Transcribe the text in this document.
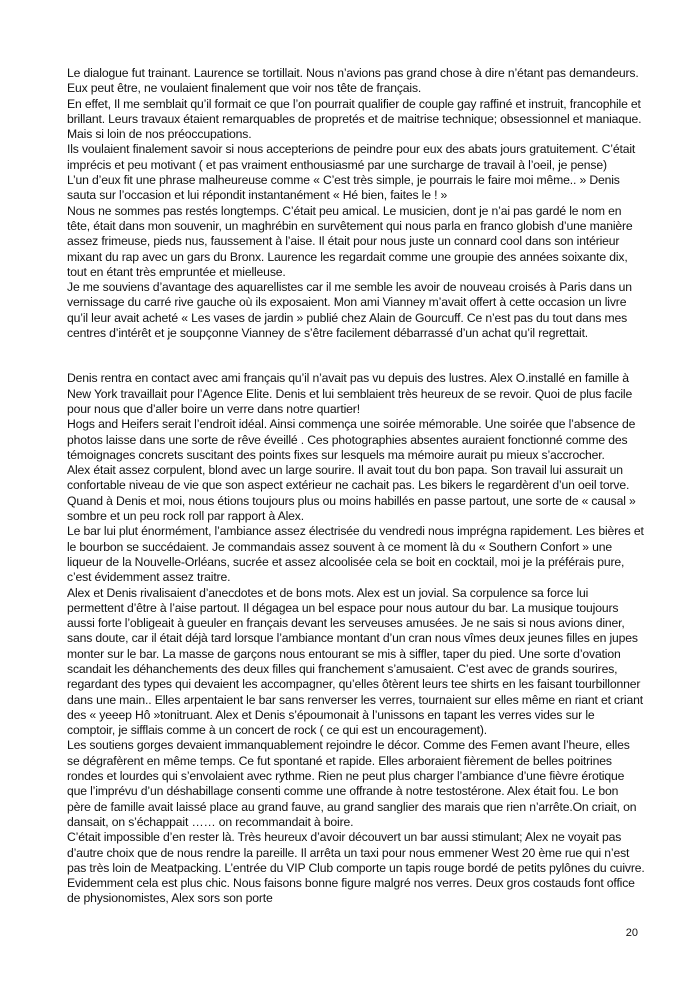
Le dialogue fut trainant. Laurence se tortillait. Nous n’avions pas grand chose à dire n’étant pas demandeurs. Eux peut être, ne voulaient finalement que voir nos tête de français.

En effet, Il me semblait qu’il formait ce que l’on pourrait qualifier de couple gay raffiné et instruit, francophile et brillant. Leurs travaux étaient remarquables de propretés et de maitrise technique; obsessionnel et maniaque. Mais si loin de nos préoccupations.

Ils voulaient finalement savoir si nous accepterions de peindre pour eux des abats jours gratuitement. C’était imprécis et peu motivant ( et pas vraiment enthousiasmé par une surcharge de travail à l’oeil, je pense)

L’un d’eux fit une phrase malheureuse comme « C’est très simple, je pourrais le faire moi même.. » Denis sauta sur l’occasion et lui répondit instantanément « Hé bien, faites le ! »

Nous ne sommes pas restés longtemps. C’était peu amical. Le musicien, dont je n’ai pas gardé le nom en tête, était dans mon souvenir, un maghrébin en survêtement qui nous parla en franco globish d’une manière assez frimeuse, pieds nus, faussement à l’aise. Il était pour nous juste un connard cool dans son intérieur mixant du rap avec un gars du Bronx. Laurence les regardait comme une groupie des années soixante dix, tout en étant très empruntée et mielleuse.

Je me souviens d’avantage des aquarellistes car il me semble les avoir de nouveau croisés à Paris dans un vernissage du carré rive gauche où ils exposaient. Mon ami Vianney m’avait offert à cette occasion un livre qu’il leur avait acheté « Les vases de jardin » publié chez Alain de Gourcuff. Ce n’est pas du tout dans mes centres d’intérêt et je soupçonne Vianney de s’être facilement débarrassé d’un achat qu’il regrettait.

Denis rentra en contact avec ami français qu’il n’avait pas vu depuis des lustres. Alex O.installé en famille à New York travaillait pour l’Agence Elite. Denis et lui semblaient très heureux de se revoir. Quoi de plus facile pour nous que d’aller boire un verre dans notre quartier!

Hogs and Heifers serait l’endroit idéal. Ainsi commença une soirée mémorable. Une soirée que l’absence de photos laisse dans une sorte de rêve éveillé . Ces photographies absentes auraient fonctionné comme des témoignages concrets suscitant des points fixes sur lesquels ma mémoire aurait pu mieux s’accrocher.

Alex était assez corpulent, blond avec un large sourire. Il avait tout du bon papa. Son travail lui assurait un confortable niveau de vie que son aspect extérieur ne cachait pas. Les bikers le regardèrent d’un oeil torve. Quand à Denis et moi, nous étions toujours plus ou moins habillés en passe partout, une sorte de « causal » sombre et un peu rock roll par rapport à Alex.

Le bar lui plut énormément, l’ambiance assez électrisée du vendredi nous imprégna rapidement. Les bières et le bourbon se succédaient. Je commandais assez souvent à ce moment là du « Southern Confort » une liqueur de la Nouvelle-Orléans, sucrée et assez alcoolisée cela se boit en cocktail, moi je la préférais pure, c’est évidemment assez traitre.

Alex et Denis rivalisaient d’anecdotes et de bons mots. Alex est un jovial. Sa corpulence sa force lui permettent d’être à l’aise partout. Il dégagea un bel espace pour nous autour du bar. La musique toujours aussi forte l’obligeait à gueuler en français devant les serveuses amusées. Je ne sais si nous avions diner, sans doute, car il était déjà tard lorsque l’ambiance montant d’un cran nous vîmes deux jeunes filles en jupes monter sur le bar. La masse de garçons nous entourant se mis à siffler, taper du pied. Une sorte d’ovation scandait les déhanchements des deux filles qui franchement s’amusaient. C’est avec de grands sourires, regardant des types qui devaient les accompagner, qu’elles ôtèrent leurs tee shirts en les faisant tourbillonner dans une main.. Elles arpentaient le bar sans renverser les verres, tournaient sur elles même en riant et criant des « yeeep Hô »tonitruant. Alex et Denis s’époumonait à l’unissons en tapant les verres vides sur le comptoir, je sifflais comme à un concert de rock ( ce qui est un encouragement).

Les soutiens gorges devaient immanquablement rejoindre le décor. Comme des Femen avant l’heure, elles se dégrafèrent en même temps. Ce fut spontané et rapide. Elles arboraient fièrement de belles poitrines rondes et lourdes qui s’envolaient avec rythme. Rien ne peut plus charger l’ambiance d’une fièvre érotique que l’imprévu d’un déshabillage consenti comme une offrande à notre testostérone. Alex était fou. Le bon père de famille avait laissé place au grand fauve, au grand sanglier des marais que rien n’arrête.On criait, on dansait, on s’échappait …… on recommandait à boire.

C’était impossible d’en rester là. Très heureux d’avoir découvert un bar aussi stimulant; Alex ne voyait pas d’autre choix que de nous rendre la pareille. Il arrêta un taxi pour nous emmener West 20 ème rue qui n’est pas très loin de Meatpacking. L’entrée du VIP Club comporte un tapis rouge bordé de petits pylônes du cuivre. Evidemment cela est plus chic. Nous faisons bonne figure malgré nos verres. Deux gros costauds font office de physionomistes, Alex sors son porte

20
